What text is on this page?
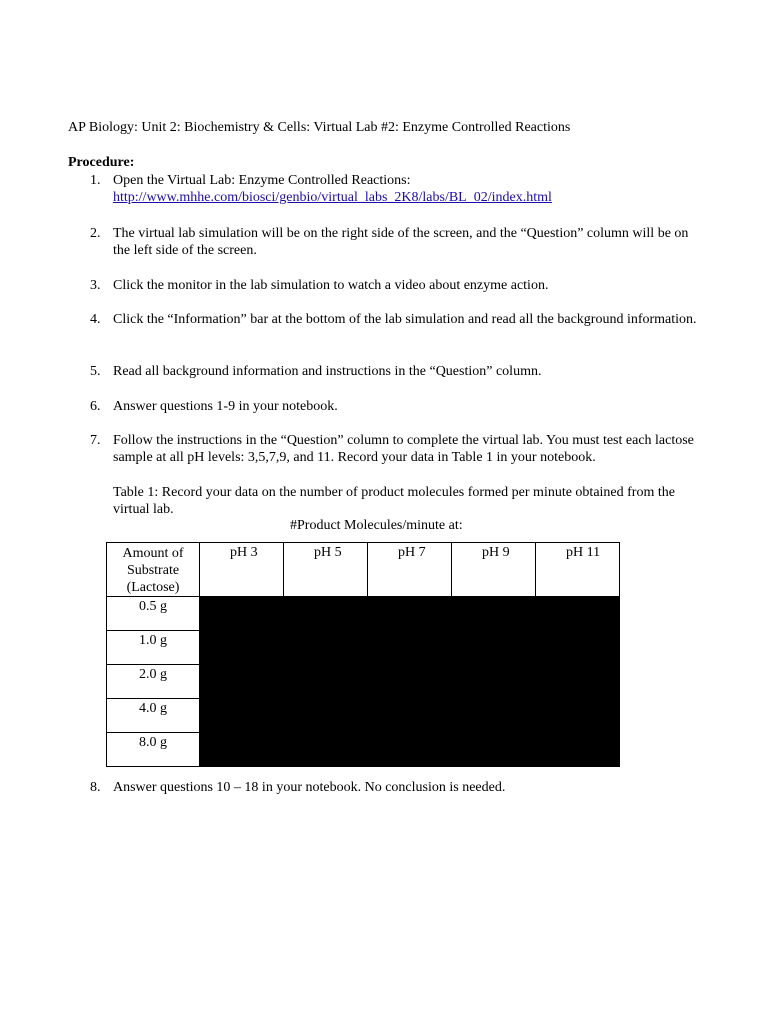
AP Biology: Unit 2: Biochemistry & Cells: Virtual Lab #2: Enzyme Controlled Reactions
Procedure:
1. Open the Virtual Lab: Enzyme Controlled Reactions:
http://www.mhhe.com/biosci/genbio/virtual_labs_2K8/labs/BL_02/index.html
2. The virtual lab simulation will be on the right side of the screen, and the “Question” column will be on the left side of the screen.
3. Click the monitor in the lab simulation to watch a video about enzyme action.
4. Click the “Information” bar at the bottom of the lab simulation and read all the background information.
5. Read all background information and instructions in the “Question” column.
6. Answer questions 1-9 in your notebook.
7. Follow the instructions in the “Question” column to complete the virtual lab. You must test each lactose sample at all pH levels: 3,5,7,9, and 11. Record your data in Table 1 in your notebook.
Table 1: Record your data on the number of product molecules formed per minute obtained from the virtual lab.
#Product Molecules/minute at:
Amount of
Substrate
(Lactose)	pH 3	pH 5	pH 7	pH 9	pH 11
0.5 g					
1.0 g					
2.0 g					
4.0 g					
8.0 g					
8. Answer questions 10 – 18 in your notebook. No conclusion is needed.
